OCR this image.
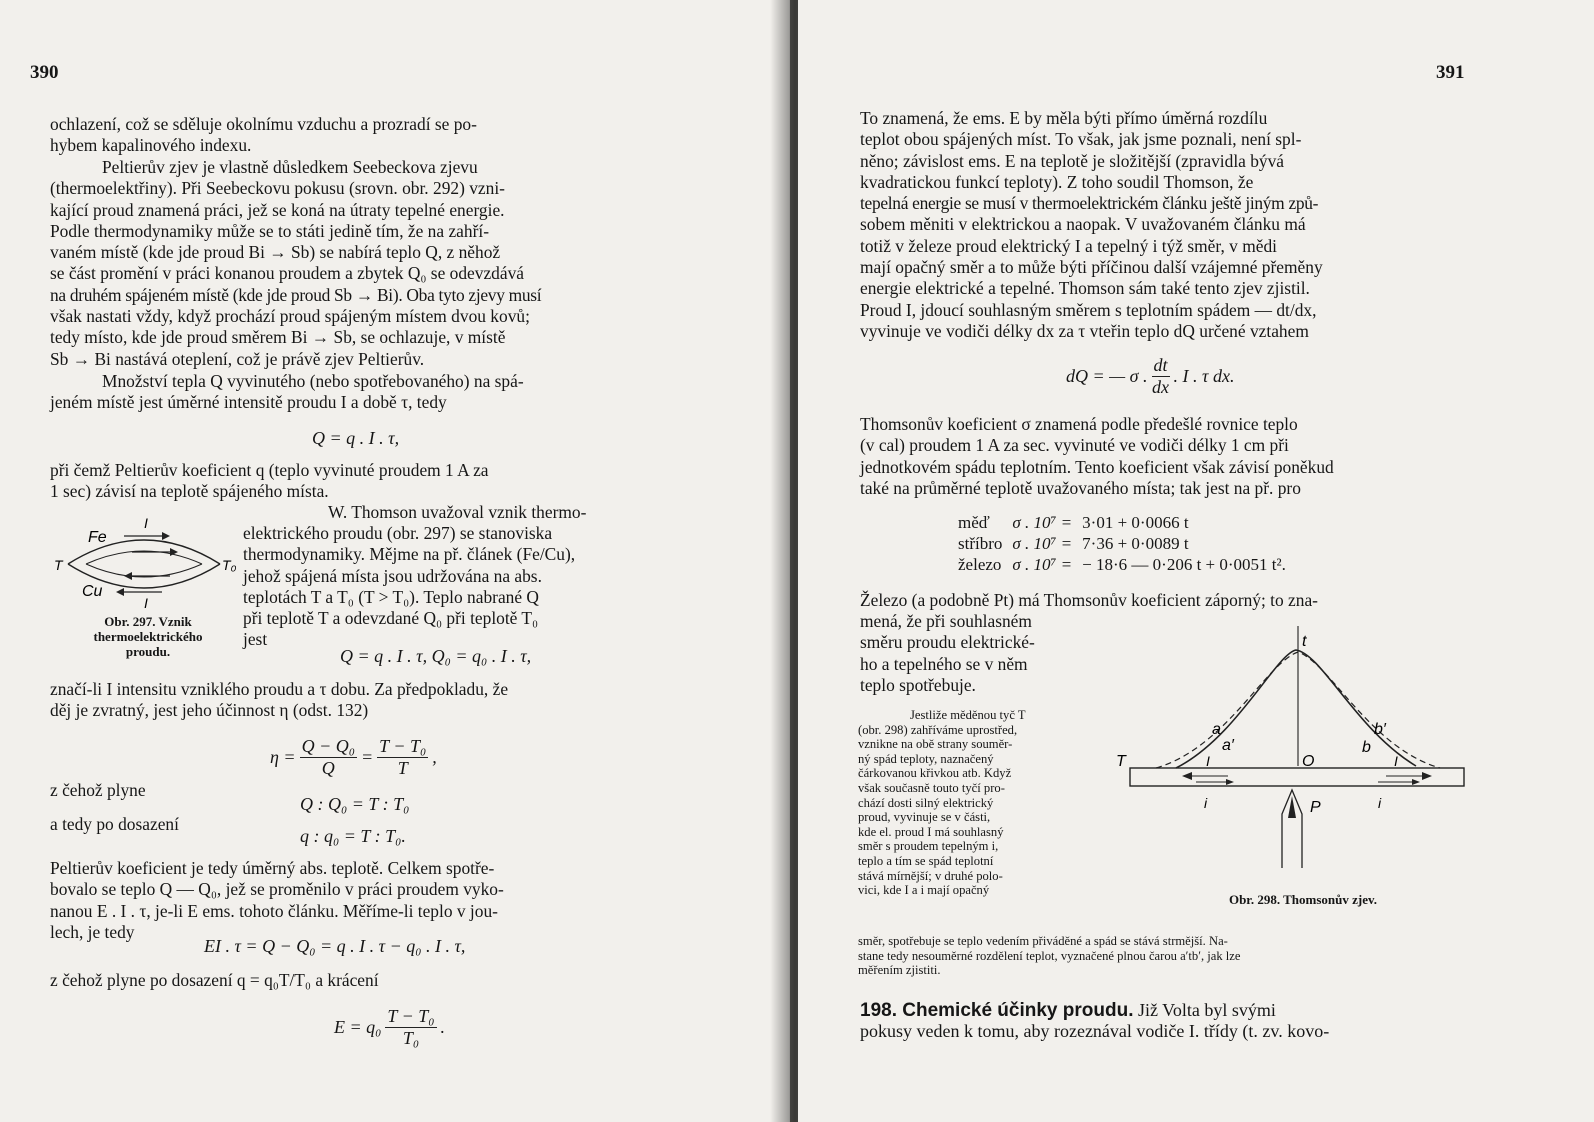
390
ochlazení, což se sděluje okolnímu vzduchu a prozradí se po-
hybem kapalinového indexu.
Peltierův zjev je vlastně důsledkem Seebeckova zjevu
(thermoelektřiny). Při Seebeckovu pokusu (srovn. obr. 292) vzni-
kající proud znamená práci, jež se koná na útraty tepelné energie.
Podle thermodynamiky může se to státi jedině tím, že na zahří-
vaném místě (kde jde proud Bi → Sb) se nabírá teplo Q, z něhož
se část promění v práci konanou proudem a zbytek Q₀ se odevzdává
na druhém spájeném místě (kde jde proud Sb → Bi). Oba tyto zjevy musí
však nastati vždy, když prochází proud spájeným místem dvou kovů;
tedy místo, kde jde proud směrem Bi → Sb, se ochlazuje, v místě
Sb → Bi nastává oteplení, což je právě zjev Peltierův.
Množství tepla Q vyvinutého (nebo spotřebovaného) na spá-
jeném místě jest úměrné intensitě proudu I a době τ, tedy
Q = q . I . τ,
při čemž Peltierův koeficient q (teplo vyvinuté proudem 1 A za
1 sec) závisí na teplotě spájeného místa.
W. Thomson uvažoval vznik thermo-
elektrického proudu (obr. 297) se stanoviska
thermodynamiky. Mějme na př. článek (Fe/Cu),
jehož spájená místa jsou udržována na abs.
teplotách T a T₀ (T > T₀). Teplo nabrané Q
při teplotě T a odevzdané Q₀ při teplotě T₀
jest
Fe
Cu
I
I
T	T₀
Obr. 297. Vznik
thermoelektrického
proudu.	Q = q . I . τ, Q₀ = q₀ . I . τ,
značí-li I intensitu vzniklého proudu a τ dobu. Za předpokladu, že
děj je zvratný, jest jeho účinnost η (odst. 132)
$\eta = \frac{\text{Q − Q₀}}{Q} = \frac{\text{T − T₀}}{T}$ ,
z čehož plyne
Q : Q₀ = T : T₀
a tedy po dosazení
q : q₀ = T : T₀.
Peltierův koeficient je tedy úměrný abs. teplotě. Celkem spotře-
bovalo se teplo Q — Q₀, jež se proměnilo v práci proudem vyko-
nanou E . I . τ, je-li E ems. tohoto článku. Měříme-li teplo v jou-
lech, je tedy
EI . τ = Q − Q₀ = q . I . τ − q₀ . I . τ,
z čehož plyne po dosazení q = q₀T/T₀ a krácení
E = q₀
T − T₀
T₀
.
391
To znamená, že ems. E by měla býti přímo úměrná rozdílu
teplot obou spájených míst. To však, jak jsme poznali, není spl-
něno; závislost ems. E na teplotě je složitější (zpravidla bývá
kvadratickou funkcí teploty). Z toho soudil Thomson, že
tepelná energie se musí v thermoelektrickém článku ještě jiným způ-
sobem měniti v elektrickou a naopak. V uvažovaném článku má
totiž v železe proud elektrický I a tepelný i týž směr, v mědi
mají opačný směr a to může býti příčinou další vzájemné přeměny
energie elektrické a tepelné. Thomson sám také tento zjev zjistil.
Proud I, jdoucí souhlasným směrem s teplotním spádem — dt/dx,
vyvinuje ve vodiči délky dx za τ vteřin teplo dQ určené vztahem
dQ = — σ .
dt
dx
. I . τ dx.
Thomsonův koeficient σ znamená podle předešlé rovnice teplo
(v cal) proudem 1 A za sec. vyvinuté ve vodiči délky 1 cm při
jednotkovém spádu teplotním. Tento koeficient však závisí poněkud
také na průměrné teplotě uvažovaného místa; tak jest na př. pro
měď	σ . 10⁷ =	3·01 + 0·0066 t
stříbro	σ . 10⁷ =	7·36 + 0·0089 t
železo	σ . 10⁷ =	− 18·6 — 0·206 t + 0·0051 t².
Železo (a podobně Pt) má Thomsonův koeficient záporný; to zna-
mená, že při souhlasném
směru proudu elektrické-
ho a tepelného se v něm
teplo spotřebuje.
Jestliže měděnou tyč T
(obr. 298) zahříváme uprostřed,
vznikne na obě strany souměr-
ný spád teploty, naznačený
čárkovanou křivkou atb. Když
však současně touto tyčí pro-
chází dosti silný elektrický
proud, vyvinuje se v části,
kde el. proud I má souhlasný
směr s proudem tepelným i,
teplo a tím se spád teplotní
stává mírnější; v druhé polo-
vici, kde I a i mají opačný
směr, spotřebuje se teplo vedením přiváděné a spád se stává strmější. Na-
stane tedy nesouměrné rozdělení teplot, vyznačené plnou čarou a′tb′, jak lze
měřením zjistiti.
t
a
a′
b′
b
T	O
I	I
i	i
P
Obr. 298. Thomsonův zjev.
198. Chemické účinky proudu. Již Volta byl svými
pokusy veden k tomu, aby rozeznával vodiče I. třídy (t. zv. kovo-
